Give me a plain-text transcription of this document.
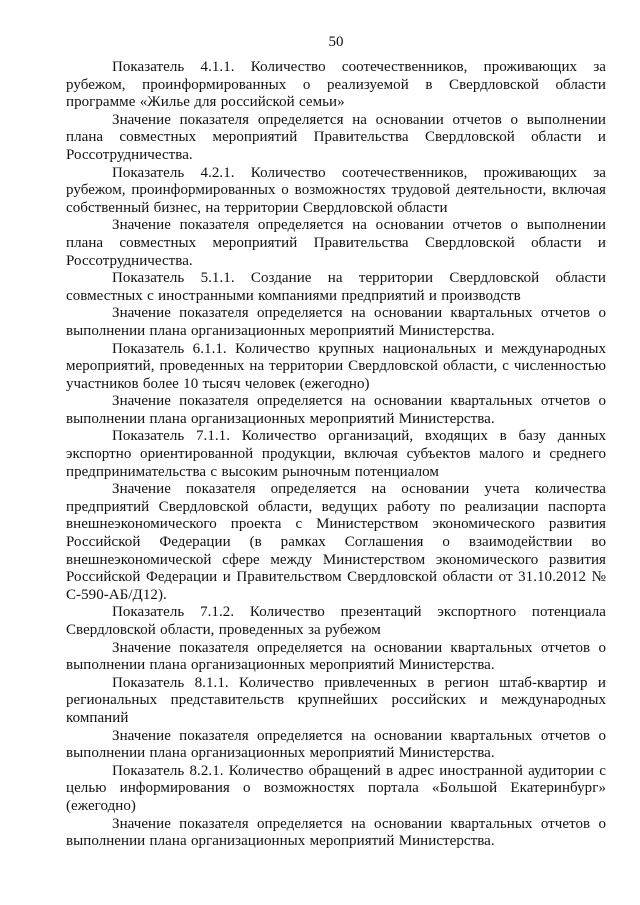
50

Показатель 4.1.1. Количество соотечественников, проживающих за рубежом, проинформированных о реализуемой в Свердловской области программе «Жилье для российской семьи»

Значение показателя определяется на основании отчетов о выполнении плана совместных мероприятий Правительства Свердловской области и Россотрудничества.

Показатель 4.2.1. Количество соотечественников, проживающих за рубежом, проинформированных о возможностях трудовой деятельности, включая собственный бизнес, на территории Свердловской области

Значение показателя определяется на основании отчетов о выполнении плана совместных мероприятий Правительства Свердловской области и Россотрудничества.

Показатель 5.1.1. Создание на территории Свердловской области совместных с иностранными компаниями предприятий и производств

Значение показателя определяется на основании квартальных отчетов о выполнении плана организационных мероприятий Министерства.

Показатель 6.1.1. Количество крупных национальных и международных мероприятий, проведенных на территории Свердловской области, с численностью участников более 10 тысяч человек (ежегодно)

Значение показателя определяется на основании квартальных отчетов о выполнении плана организационных мероприятий Министерства.

Показатель 7.1.1. Количество организаций, входящих в базу данных экспортно ориентированной продукции, включая субъектов малого и среднего предпринимательства с высоким рыночным потенциалом

Значение показателя определяется на основании учета количества предприятий Свердловской области, ведущих работу по реализации паспорта внешнеэкономического проекта с Министерством экономического развития Российской Федерации (в рамках Соглашения о взаимодействии во внешнеэкономической сфере между Министерством экономического развития Российской Федерации и Правительством Свердловской области от 31.10.2012 № С-590-АБ/Д12).

Показатель 7.1.2. Количество презентаций экспортного потенциала Свердловской области, проведенных за рубежом

Значение показателя определяется на основании квартальных отчетов о выполнении плана организационных мероприятий Министерства.

Показатель 8.1.1. Количество привлеченных в регион штаб-квартир и региональных представительств крупнейших российских и международных компаний

Значение показателя определяется на основании квартальных отчетов о выполнении плана организационных мероприятий Министерства.

Показатель 8.2.1. Количество обращений в адрес иностранной аудитории с целью информирования о возможностях портала «Большой Екатеринбург» (ежегодно)

Значение показателя определяется на основании квартальных отчетов о выполнении плана организационных мероприятий Министерства.
